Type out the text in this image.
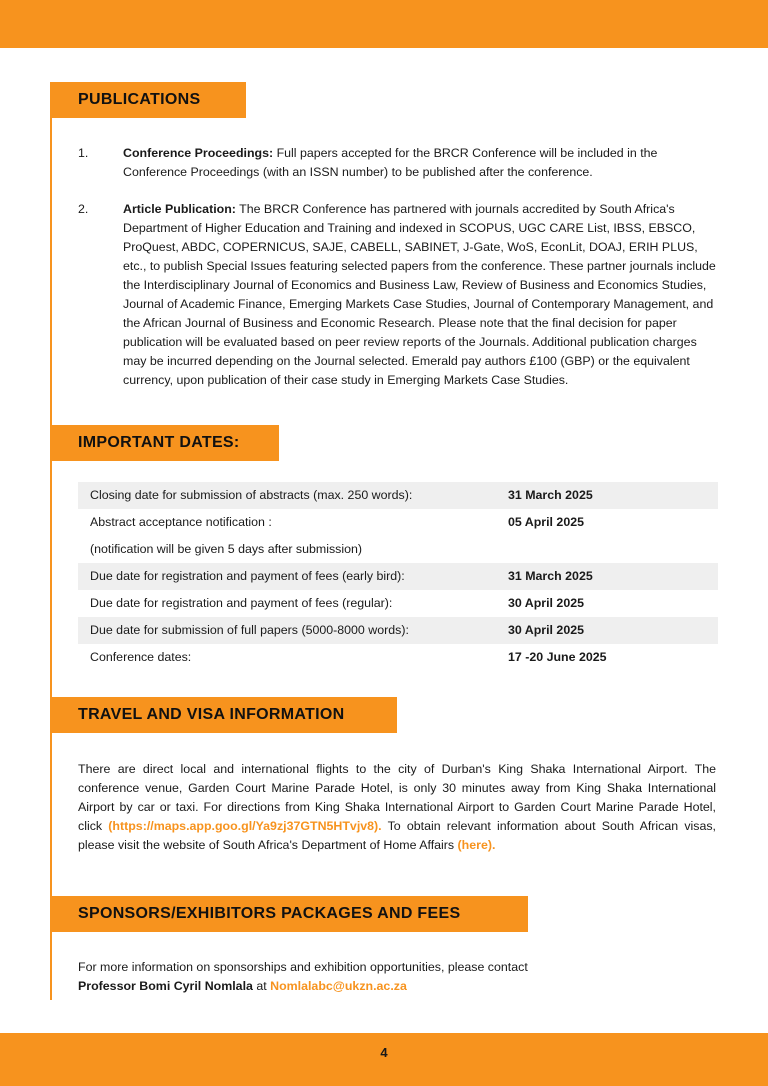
PUBLICATIONS
1.	Conference Proceedings: Full papers accepted for the BRCR Conference will be included in the Conference Proceedings (with an ISSN number) to be published after the conference.
2.	Article Publication: The BRCR Conference has partnered with journals accredited by South Africa's Department of Higher Education and Training and indexed in SCOPUS, UGC CARE List, IBSS, EBSCO, ProQuest, ABDC, COPERNICUS, SAJE, CABELL, SABINET, J-Gate, WoS, EconLit, DOAJ, ERIH PLUS, etc., to publish Special Issues featuring selected papers from the conference. These partner journals include the Interdisciplinary Journal of Economics and Business Law, Review of Business and Economics Studies, Journal of Academic Finance, Emerging Markets Case Studies, Journal of Contemporary Management, and the African Journal of Business and Economic Research. Please note that the final decision for paper publication will be evaluated based on peer review reports of the Journals. Additional publication charges may be incurred depending on the Journal selected. Emerald pay authors £100 (GBP) or the equivalent currency, upon publication of their case study in Emerging Markets Case Studies.
IMPORTANT DATES:
Closing date for submission of abstracts (max. 250 words):	31 March 2025
Abstract acceptance notification :	05 April 2025
(notification will be given 5 days after submission)
Due date for registration and payment of fees (early bird):	31 March 2025
Due date for registration and payment of fees (regular):	30 April 2025
Due date for submission of full papers (5000-8000 words):	30 April 2025
Conference dates:	17 -20 June 2025
TRAVEL AND VISA INFORMATION
There are direct local and international flights to the city of Durban's King Shaka International Airport. The conference venue, Garden Court Marine Parade Hotel, is only 30 minutes away from King Shaka International Airport by car or taxi. For directions from King Shaka International Airport to Garden Court Marine Parade Hotel, click (https://maps.app.goo.gl/Ya9zj37GTN5HTvjv8). To obtain relevant information about South African visas, please visit the website of South Africa's Department of Home Affairs (here).
SPONSORS/EXHIBITORS PACKAGES AND FEES
For more information on sponsorships and exhibition opportunities, please contact
Professor Bomi Cyril Nomlala at Nomlalabc@ukzn.ac.za
4
